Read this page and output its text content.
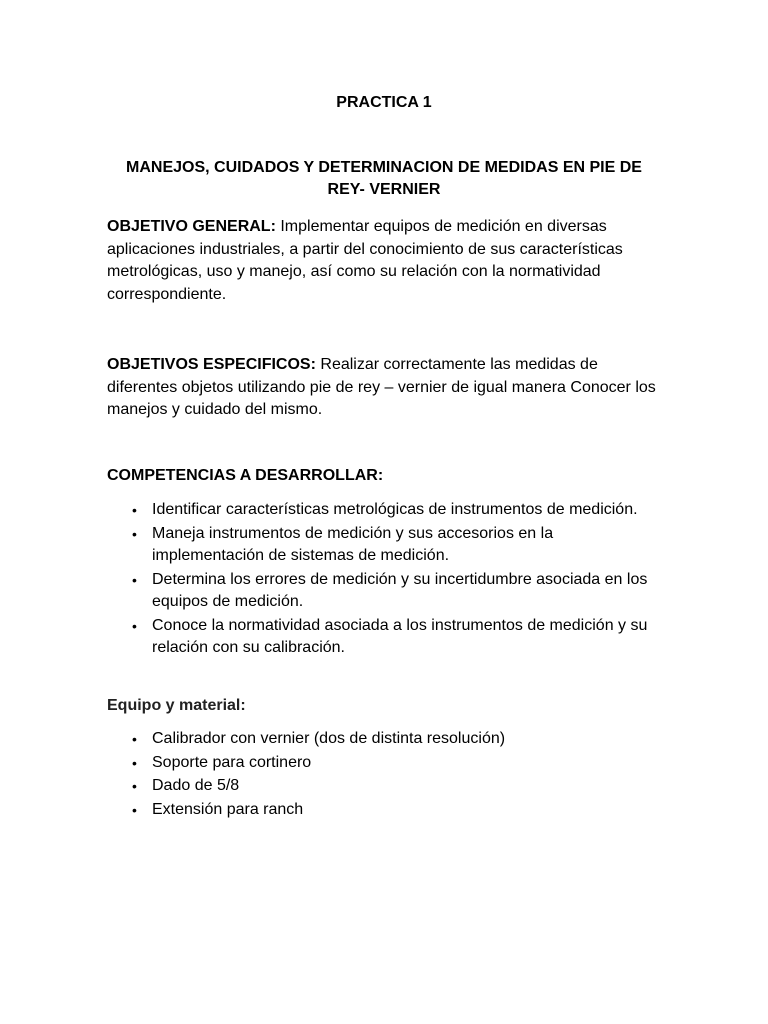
PRACTICA 1
MANEJOS, CUIDADOS Y DETERMINACION DE MEDIDAS EN PIE DE REY- VERNIER
OBJETIVO GENERAL: Implementar equipos de medición en diversas aplicaciones industriales, a partir del conocimiento de sus características metrológicas, uso y manejo, así como su relación con la normatividad correspondiente.
OBJETIVOS ESPECIFICOS: Realizar correctamente las medidas de diferentes objetos utilizando pie de rey – vernier de igual manera Conocer los manejos y cuidado del mismo.
COMPETENCIAS A DESARROLLAR:
• Identificar características metrológicas de instrumentos de medición.
• Maneja instrumentos de medición y sus accesorios en la implementación de sistemas de medición.
• Determina los errores de medición y su incertidumbre asociada en los equipos de medición.
• Conoce la normatividad asociada a los instrumentos de medición y su relación con su calibración.
Equipo y material:
• Calibrador con vernier (dos de distinta resolución)
• Soporte para cortinero
• Dado de 5/8
• Extensión para ranch
